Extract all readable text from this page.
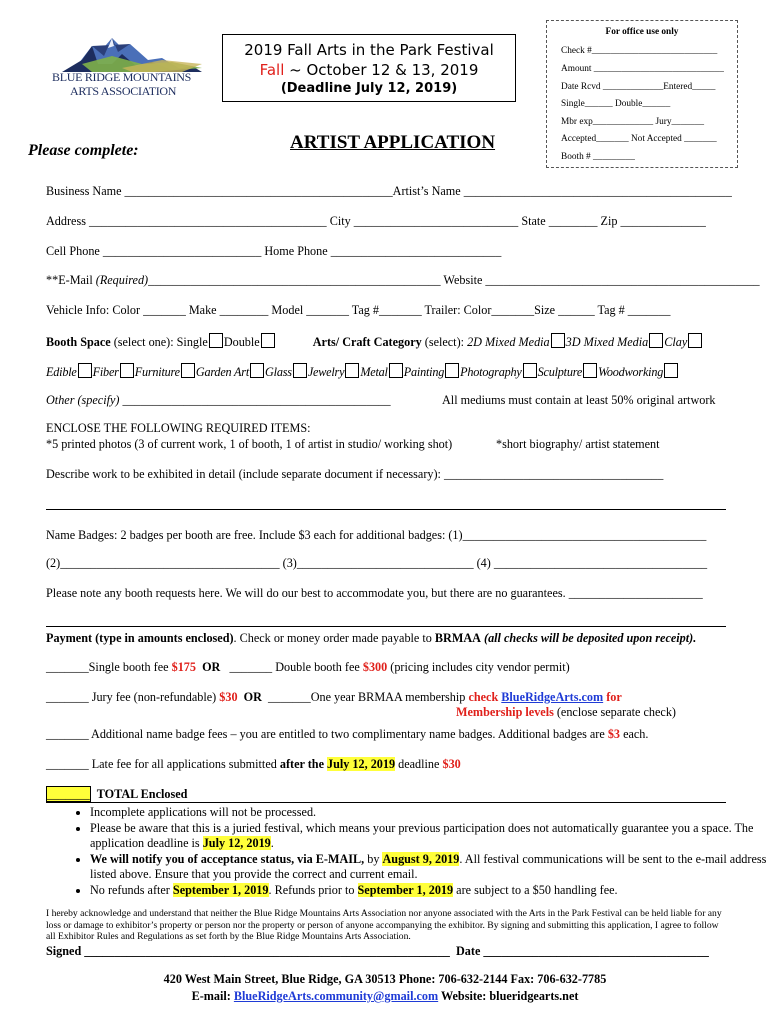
For office use only
Check #___________________________
Amount ____________________________
Date Rcvd _____________Entered_____
Single______ Double______
Mbr exp_____________ Jury_______
Accepted_______ Not Accepted _______
Booth # _________
BLUE RIDGE MOUNTAINS
ARTS ASSOCIATION
2019 Fall Arts in the Park Festival
Fall ~ October 12 & 13, 2019
(Deadline July 12, 2019)
Please complete:	ARTIST APPLICATION
Business Name ____________________________________________Artist’s Name ____________________________________________
Address _______________________________________ City ___________________________ State ________ Zip ______________
Cell Phone __________________________ Home Phone ____________________________
**E-Mail (Required)________________________________________________ Website _____________________________________________
Vehicle Info: Color _______ Make ________ Model _______ Tag #_______ Trailer: Color_______Size ______ Tag # _______
Booth Space (select one): Single Double	Arts/ Craft Category (select): 2D Mixed Media 3D Mixed Media Clay
Edible Fiber Furniture Garden Art Glass Jewelry Metal Painting Photography Sculpture Woodworking
Other (specify) ____________________________________________	All mediums must contain at least 50% original artwork
ENCLOSE THE FOLLOWING REQUIRED ITEMS:
*5 printed photos (3 of current work, 1 of booth, 1 of artist in studio/ working shot)	*short biography/ artist statement
Describe work to be exhibited in detail (include separate document if necessary): ____________________________________
Name Badges: 2 badges per booth are free. Include $3 each for additional badges: (1)________________________________________
(2)____________________________________ (3)_____________________________ (4) ___________________________________
Please note any booth requests here. We will do our best to accommodate you, but there are no guarantees. ______________________
Payment (type in amounts enclosed). Check or money order made payable to BRMAA (all checks will be deposited upon receipt).
_______Single booth fee $175 OR _______ Double booth fee $300 (pricing includes city vendor permit)
_______ Jury fee (non-refundable) $30 OR _______One year BRMAA membership check BlueRidgeArts.com for
Membership levels (enclose separate check)
_______ Additional name badge fees – you are entitled to two complimentary name badges. Additional badges are $3 each.
_______ Late fee for all applications submitted after the July 12, 2019 deadline $30
_______ TOTAL Enclosed
• Incomplete applications will not be processed.
• Please be aware that this is a juried festival, which means your previous participation does not automatically guarantee you a space. The application deadline is July 12, 2019.
• We will notify you of acceptance status, via E-MAIL, by August 9, 2019. All festival communications will be sent to the e-mail address listed above. Ensure that you provide the correct and current email.
• No refunds after September 1, 2019. Refunds prior to September 1, 2019 are subject to a $50 handling fee.
I hereby acknowledge and understand that neither the Blue Ridge Mountains Arts Association nor anyone associated with the Arts in the Park Festival can be held liable for any loss or damage to exhibitor’s property or person nor the property or person of anyone accompanying the exhibitor. By signing and submitting this application, I agree to follow all Exhibitor Rules and Regulations as set forth by the Blue Ridge Mountains Arts Association.
Signed ____________________________________________________________ Date _____________________________________
420 West Main Street, Blue Ridge, GA 30513 Phone: 706-632-2144 Fax: 706-632-7785
E-mail: BlueRidgeArts.community@gmail.com Website: blueridgearts.net
